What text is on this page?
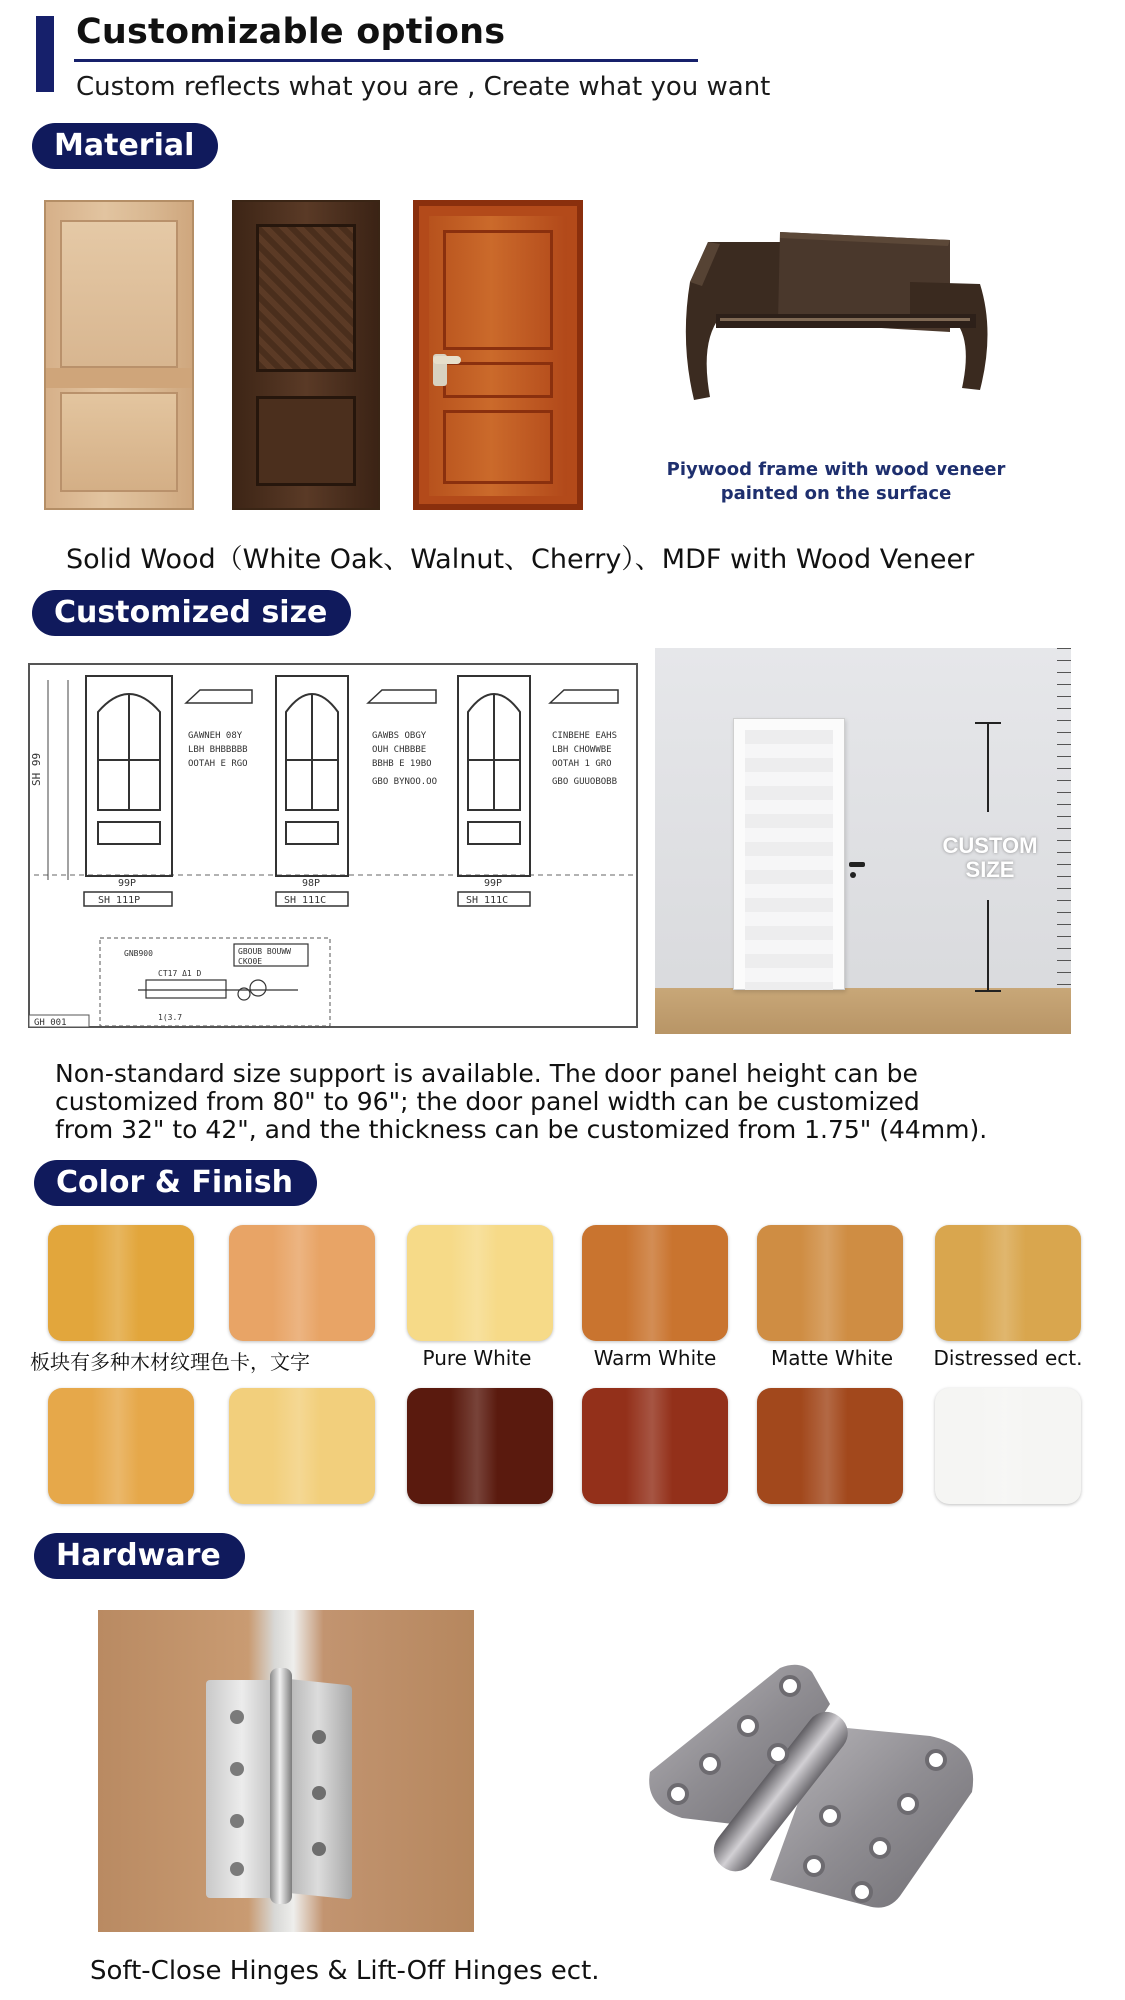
Customizable options
Custom reflects what you are , Create what you want
Material
Piywood frame with wood veneer
painted on the surface
Solid Wood（White Oak、Walnut、Cherry）、MDF with Wood Veneer
Customized size
SH 99
GAWNEH 08Y
LBH BHBBBBB
OOTAH E RGO
GAWBS OBGY
OUH CHBBBE
BBHB E 19BO
GBO BYNOO.OO
CINBEHE EAHS
LBH CHOWWBE
OOTAH 1 GRO
GBO GUUOBOBB
99P
SH 111P
98P
SH 111C
99P
SH 111C
GNB900	GBOUB BOUWW
CKO0E
CT17 Δ1 D
1(3.7
GH 001
CUSTOM
SIZE
Non-standard size support is available. The door panel height can be
customized from 80" to 96"; the door panel width can be customized
from 32" to 42", and the thickness can be customized from 1.75" (44mm).
Color & Finish
板块有多种木材纹理色卡，文字	Pure White	Warm White	Matte White	Distressed ect.
Hardware
Soft-Close Hinges & Lift-Off Hinges ect.
